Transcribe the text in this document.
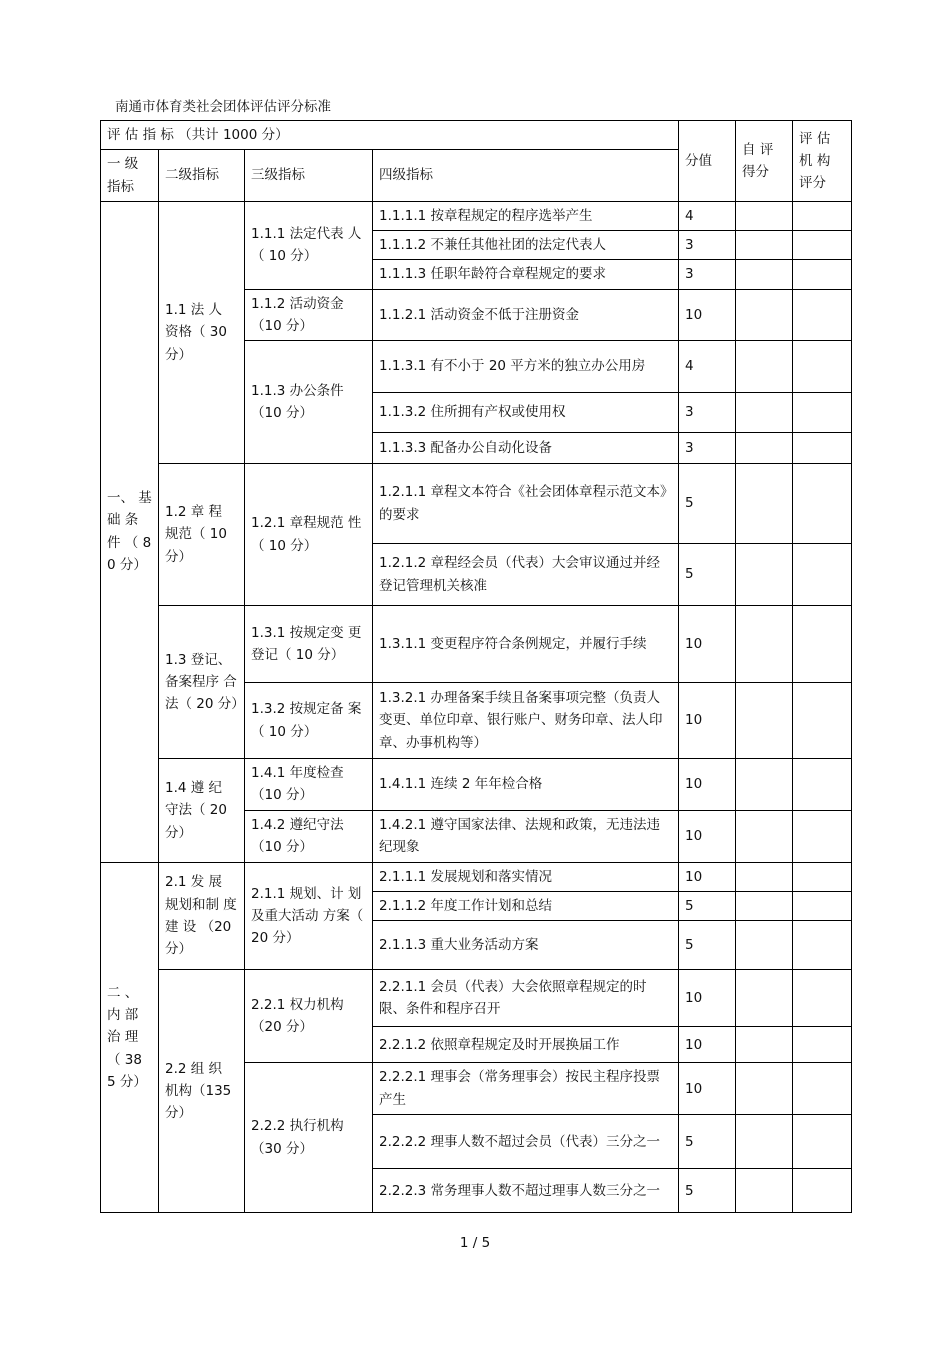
南通市体育类社会团体评估评分标准
评 估 指 标 （共计 1000 分）				分值	自 评 得分	评 估 机 构 评分
一 级 指标	二级指标	三级指标	四级指标			
一、 基础 条 件 （ 80 分）	1.1 法 人 资格（ 30 分）	1.1.1 法定代表 人（ 10 分）	1.1.1.1 按章程规定的程序选举产生	4		
			1.1.1.2 不兼任其他社团的法定代表人	3		
			1.1.1.3 任职年龄符合章程规定的要求	3		
		1.1.2 活动资金 （10 分）	1.1.2.1 活动资金不低于注册资金	10		
		1.1.3 办公条件 （10 分）	1.1.3.1 有不小于 20 平方米的独立办公用房	4		
			1.1.3.2 住所拥有产权或使用权	3		
			1.1.3.3 配备办公自动化设备	3		
	1.2 章 程 规范（ 10 分）	1.2.1 章程规范 性（ 10 分）	1.2.1.1 章程文本符合《社会团体章程示范文本》的要求	5		
			1.2.1.2 章程经会员（代表）大会审议通过并经登记管理机关核准	5		
	1.3 登记、 备案程序 合法（ 20 分）	1.3.1 按规定变 更登记（ 10 分）	1.3.1.1 变更程序符合条例规定，并履行手续	10		
		1.3.2 按规定备 案（ 10 分）	1.3.2.1 办理备案手续且备案事项完整（负责人变更、单位印章、银行账户、财务印章、法人印章、办事机构等）	10		
	1.4 遵 纪 守法（ 20 分）	1.4.1 年度检查 （10 分）	1.4.1.1 连续 2 年年检合格	10		
		1.4.2 遵纪守法 （10 分）	1.4.2.1 遵守国家法律、法规和政策，无违法违纪现象	10		
二 、 内 部 治 理 （ 38 5 分）	2.1 发 展 规划和制 度 建 设 （20 分）	2.1.1 规划、计 划及重大活动 方案（ 20 分）	2.1.1.1 发展规划和落实情况	10		
			2.1.1.2 年度工作计划和总结	5		
			2.1.1.3 重大业务活动方案	5		
	2.2 组 织 机构（135 分）	2.2.1 权力机构 （20 分）	2.2.1.1 会员（代表）大会依照章程规定的时限、条件和程序召开	10		
			2.2.1.2 依照章程规定及时开展换届工作	10		
		2.2.2 执行机构 （30 分）	2.2.2.1 理事会（常务理事会）按民主程序投票产生	10		
			2.2.2.2 理事人数不超过会员（代表）三分之一	5		
			2.2.2.3 常务理事人数不超过理事人数三分之一	5		
1 / 5
